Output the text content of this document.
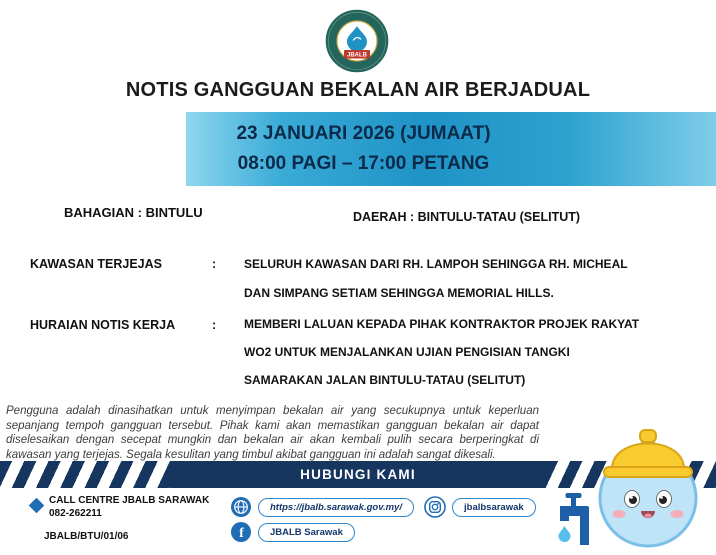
JBALB
NOTIS GANGGUAN BEKALAN AIR BERJADUAL
23 JANUARI 2026 (JUMAAT)
08:00 PAGI – 17:00 PETANG
BAHAGIAN : BINTULU	DAERAH : BINTULU-TATAU (SELITUT)
KAWASAN TERJEJAS	: SELURUH KAWASAN DARI RH. LAMPOH SEHINGGA RH. MICHEAL
DAN SIMPANG SETIAM SEHINGGA MEMORIAL HILLS.
HURAIAN NOTIS KERJA	: MEMBERI LALUAN KEPADA PIHAK KONTRAKTOR PROJEK RAKYAT
WO2 UNTUK MENJALANKAN UJIAN PENGISIAN TANGKI
SAMARAKAN JALAN BINTULU-TATAU (SELITUT)
Pengguna adalah dinasihatkan untuk menyimpan bekalan air yang secukupnya untuk keperluan sepanjang tempoh gangguan tersebut. Pihak kami akan memastikan gangguan bekalan air dapat diselesaikan dengan secepat mungkin dan bekalan air akan kembali pulih secara berperingkat di kawasan yang terjejas. Segala kesulitan yang timbul akibat gangguan ini adalah sangat dikesali.
HUBUNGI KAMI
CALL CENTRE JBALB SARAWAK
082-262211
JBALB/BTU/01/06
https://jbalb.sarawak.gov.my/	jbalbsarawak
f	JBALB Sarawak
